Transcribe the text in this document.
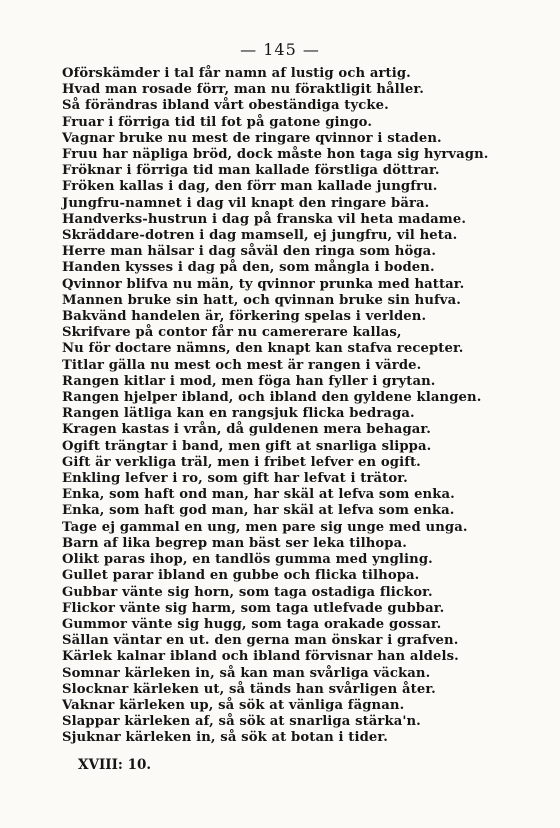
— 145 —
Oförskämder i tal får namn af lustig och artig.
Hvad man rosade förr, man nu föraktligit håller.
Så förändras ibland vårt obeständiga tycke.
Fruar i förriga tid til fot på gatone gingo.
Vagnar bruke nu mest de ringare qvinnor i staden.
Fruu har näpliga bröd, dock måste hon taga sig hyrvagn.
Fröknar i förriga tid man kallade förstliga döttrar.
Fröken kallas i dag, den förr man kallade jungfru.
Jungfru-namnet i dag vil knapt den ringare bära.
Handverks-hustrun i dag på franska vil heta madame.
Skräddare-dotren i dag mamsell, ej jungfru, vil heta.
Herre man hälsar i dag såväl den ringa som höga.
Handen kysses i dag på den, som mångla i boden.
Qvinnor blifva nu män, ty qvinnor prunka med hattar.
Mannen bruke sin hatt, och qvinnan bruke sin hufva.
Bakvänd handelen är, förkering spelas i verlden.
Skrifvare på contor får nu camererare kallas,
Nu för doctare nämns, den knapt kan stafva recepter.
Titlar gälla nu mest och mest är rangen i värde.
Rangen kitlar i mod, men föga han fyller i grytan.
Rangen hjelper ibland, och ibland den gyldene klangen.
Rangen lätliga kan en rangsjuk flicka bedraga.
Kragen kastas i vrån, då guldenen mera behagar.
Ogift trängtar i band, men gift at snarliga slippa.
Gift är verkliga träl, men i fribet lefver en ogift.
Enkling lefver i ro, som gift har lefvat i trätor.
Enka, som haft ond man, har skäl at lefva som enka.
Enka, som haft god man, har skäl at lefva som enka.
Tage ej gammal en ung, men pare sig unge med unga.
Barn af lika begrep man bäst ser leka tilhopa.
Olikt paras ihop, en tandlös gumma med yngling.
Gullet parar ibland en gubbe och flicka tilhopa.
Gubbar vänte sig horn, som taga ostadiga flickor.
Flickor vänte sig harm, som taga utlefvade gubbar.
Gummor vänte sig hugg, som taga orakade gossar.
Sällan väntar en ut. den gerna man önskar i grafven.
Kärlek kalnar ibland och ibland förvisnar han aldels.
Somnar kärleken in, så kan man svårliga väckan.
Slocknar kärleken ut, så tänds han svårligen åter.
Vaknar kärleken up, så sök at vänliga fägnan.
Slappar kärleken af, så sök at snarliga stärka'n.
Sjuknar kärleken in, så sök at botan i tider.
XVIII: 10.
